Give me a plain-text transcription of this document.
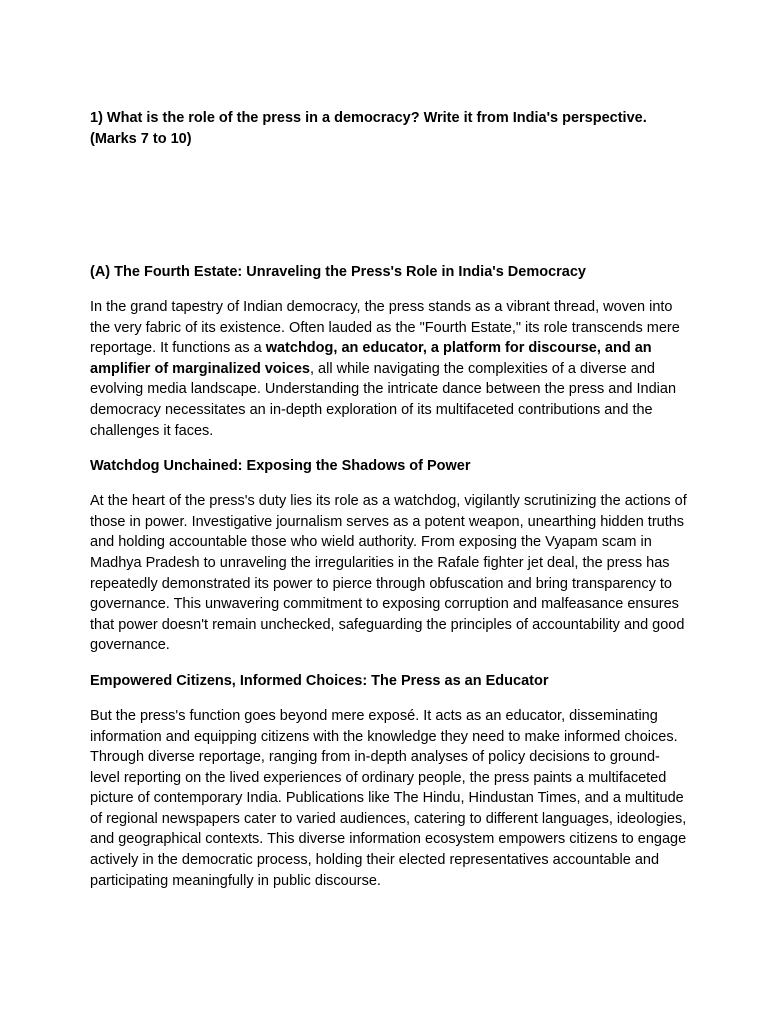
1) What is the role of the press in a democracy? Write it from India's perspective.
(Marks 7 to 10)

(A) The Fourth Estate: Unraveling the Press's Role in India's Democracy

In the grand tapestry of Indian democracy, the press stands as a vibrant thread, woven into the very fabric of its existence. Often lauded as the "Fourth Estate," its role transcends mere reportage. It functions as a watchdog, an educator, a platform for discourse, and an amplifier of marginalized voices, all while navigating the complexities of a diverse and evolving media landscape. Understanding the intricate dance between the press and Indian democracy necessitates an in-depth exploration of its multifaceted contributions and the challenges it faces.

Watchdog Unchained: Exposing the Shadows of Power

At the heart of the press's duty lies its role as a watchdog, vigilantly scrutinizing the actions of those in power. Investigative journalism serves as a potent weapon, unearthing hidden truths and holding accountable those who wield authority. From exposing the Vyapam scam in Madhya Pradesh to unraveling the irregularities in the Rafale fighter jet deal, the press has repeatedly demonstrated its power to pierce through obfuscation and bring transparency to governance. This unwavering commitment to exposing corruption and malfeasance ensures that power doesn't remain unchecked, safeguarding the principles of accountability and good governance.

Empowered Citizens, Informed Choices: The Press as an Educator

But the press's function goes beyond mere exposé. It acts as an educator, disseminating information and equipping citizens with the knowledge they need to make informed choices. Through diverse reportage, ranging from in-depth analyses of policy decisions to ground-level reporting on the lived experiences of ordinary people, the press paints a multifaceted picture of contemporary India. Publications like The Hindu, Hindustan Times, and a multitude of regional newspapers cater to varied audiences, catering to different languages, ideologies, and geographical contexts. This diverse information ecosystem empowers citizens to engage actively in the democratic process, holding their elected representatives accountable and participating meaningfully in public discourse.
